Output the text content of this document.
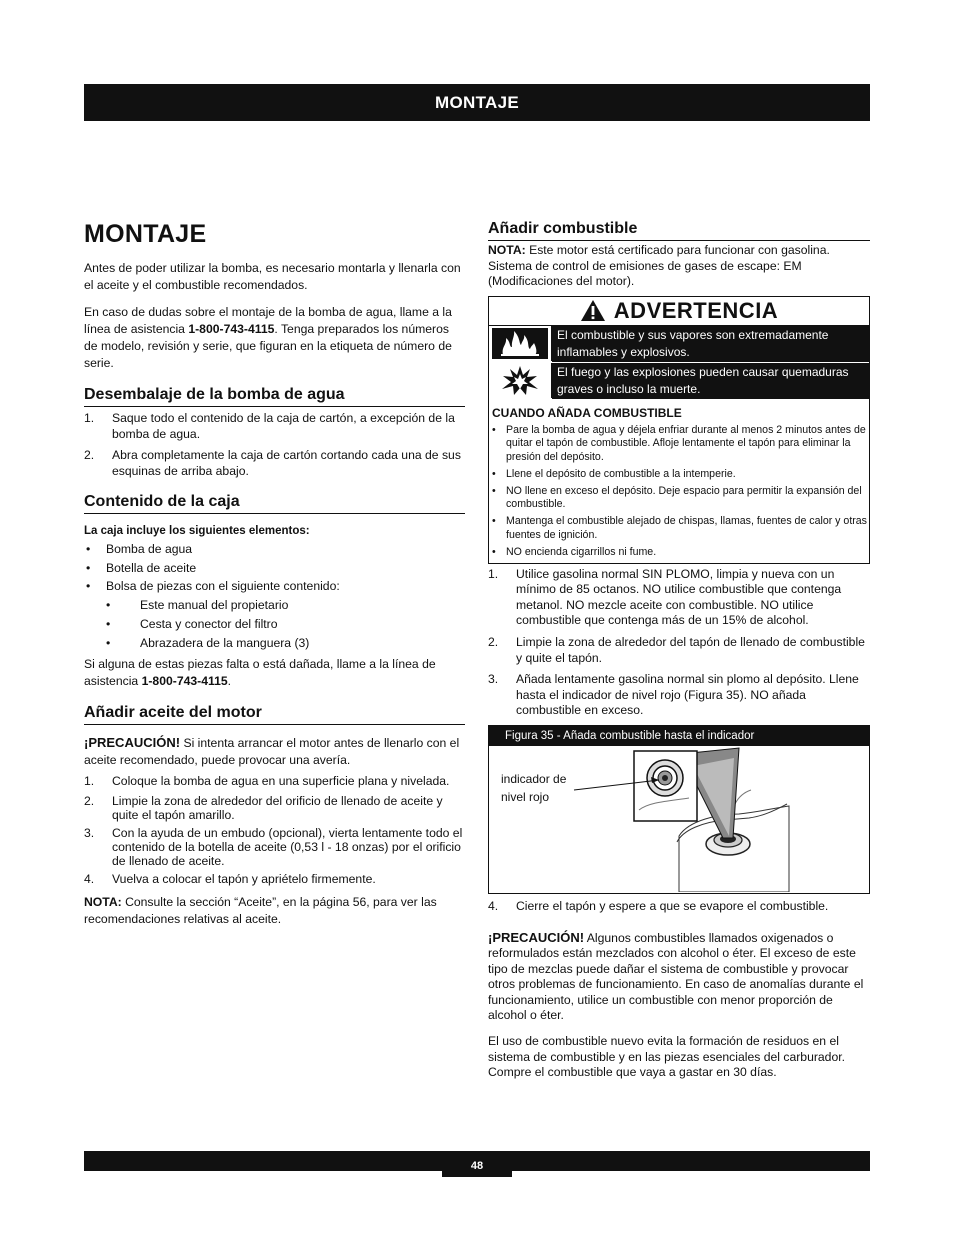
MONTAJE
MONTAJE

Antes de poder utilizar la bomba, es necesario montarla y llenarla con el aceite y el combustible recomendados.

En caso de dudas sobre el montaje de la bomba de agua, llame a la línea de asistencia 1-800-743-4115. Tenga preparados los números de modelo, revisión y serie, que figuran en la etiqueta de número de serie.

Desembalaje de la bomba de agua
1. Saque todo el contenido de la caja de cartón, a excepción de la bomba de agua.
2. Abra completamente la caja de cartón cortando cada una de sus esquinas de arriba abajo.
Contenido de la caja

La caja incluye los siguientes elementos:

• Bomba de agua
• Botella de aceite
• Bolsa de piezas con el siguiente contenido:
• Este manual del propietario
• Cesta y conector del filtro
• Abrazadera de la manguera (3)

Si alguna de estas piezas falta o está dañada, llame a la línea de asistencia 1-800-743-4115.

Añadir aceite del motor

¡PRECAUCIÓN! Si intenta arrancar el motor antes de llenarlo con el aceite recomendado, puede provocar una avería.

1. Coloque la bomba de agua en una superficie plana y nivelada.
2. Limpie la zona de alrededor del orificio de llenado de aceite y quite el tapón amarillo.
3. Con la ayuda de un embudo (opcional), vierta lentamente todo el contenido de la botella de aceite (0,53 l - 18 onzas) por el orificio de llenado de aceite.
4. Vuelva a colocar el tapón y apriételo firmemente.

NOTA: Consulte la sección “Aceite”, en la página 56, para ver las recomendaciones relativas al aceite.

Añadir combustible

NOTA: Este motor está certificado para funcionar con gasolina. Sistema de control de emisiones de gases de escape: EM (Modificaciones del motor).

ADVERTENCIA
El combustible y sus vapores son extremadamente inflamables y explosivos.
El fuego y las explosiones pueden causar quemaduras graves o incluso la muerte.
CUANDO AÑADA COMBUSTIBLE
• Pare la bomba de agua y déjela enfriar durante al menos 2 minutos antes de quitar el tapón de combustible. Afloje lentamente el tapón para eliminar la presión del depósito.
• Llene el depósito de combustible a la intemperie.
• NO llene en exceso el depósito. Deje espacio para permitir la expansión del combustible.
• Mantenga el combustible alejado de chispas, llamas, fuentes de calor y otras fuentes de ignición.
• NO encienda cigarrillos ni fume.
1. Utilice gasolina normal SIN PLOMO, limpia y nueva con un mínimo de 85 octanos. NO utilice combustible que contenga metanol. NO mezcle aceite con combustible. NO utilice combustible que contenga más de un 15% de alcohol.
2. Limpie la zona de alrededor del tapón de llenado de combustible y quite el tapón.
3. Añada lentamente gasolina normal sin plomo al depósito. Llene hasta el indicador de nivel rojo (Figura 35). NO añada combustible en exceso.
Figura 35 - Añada combustible hasta el indicador
indicador de
nivel rojo
4. Cierre el tapón y espere a que se evapore el combustible.

¡PRECAUCIÓN! Algunos combustibles llamados oxigenados o reformulados están mezclados con alcohol o éter. El exceso de este tipo de mezclas puede dañar el sistema de combustible y provocar otros problemas de funcionamiento. En caso de anomalías durante el funcionamiento, utilice un combustible con menor proporción de alcohol o éter.

El uso de combustible nuevo evita la formación de residuos en el sistema de combustible y en las piezas esenciales del carburador. Compre el combustible que vaya a gastar en 30 días.

48
